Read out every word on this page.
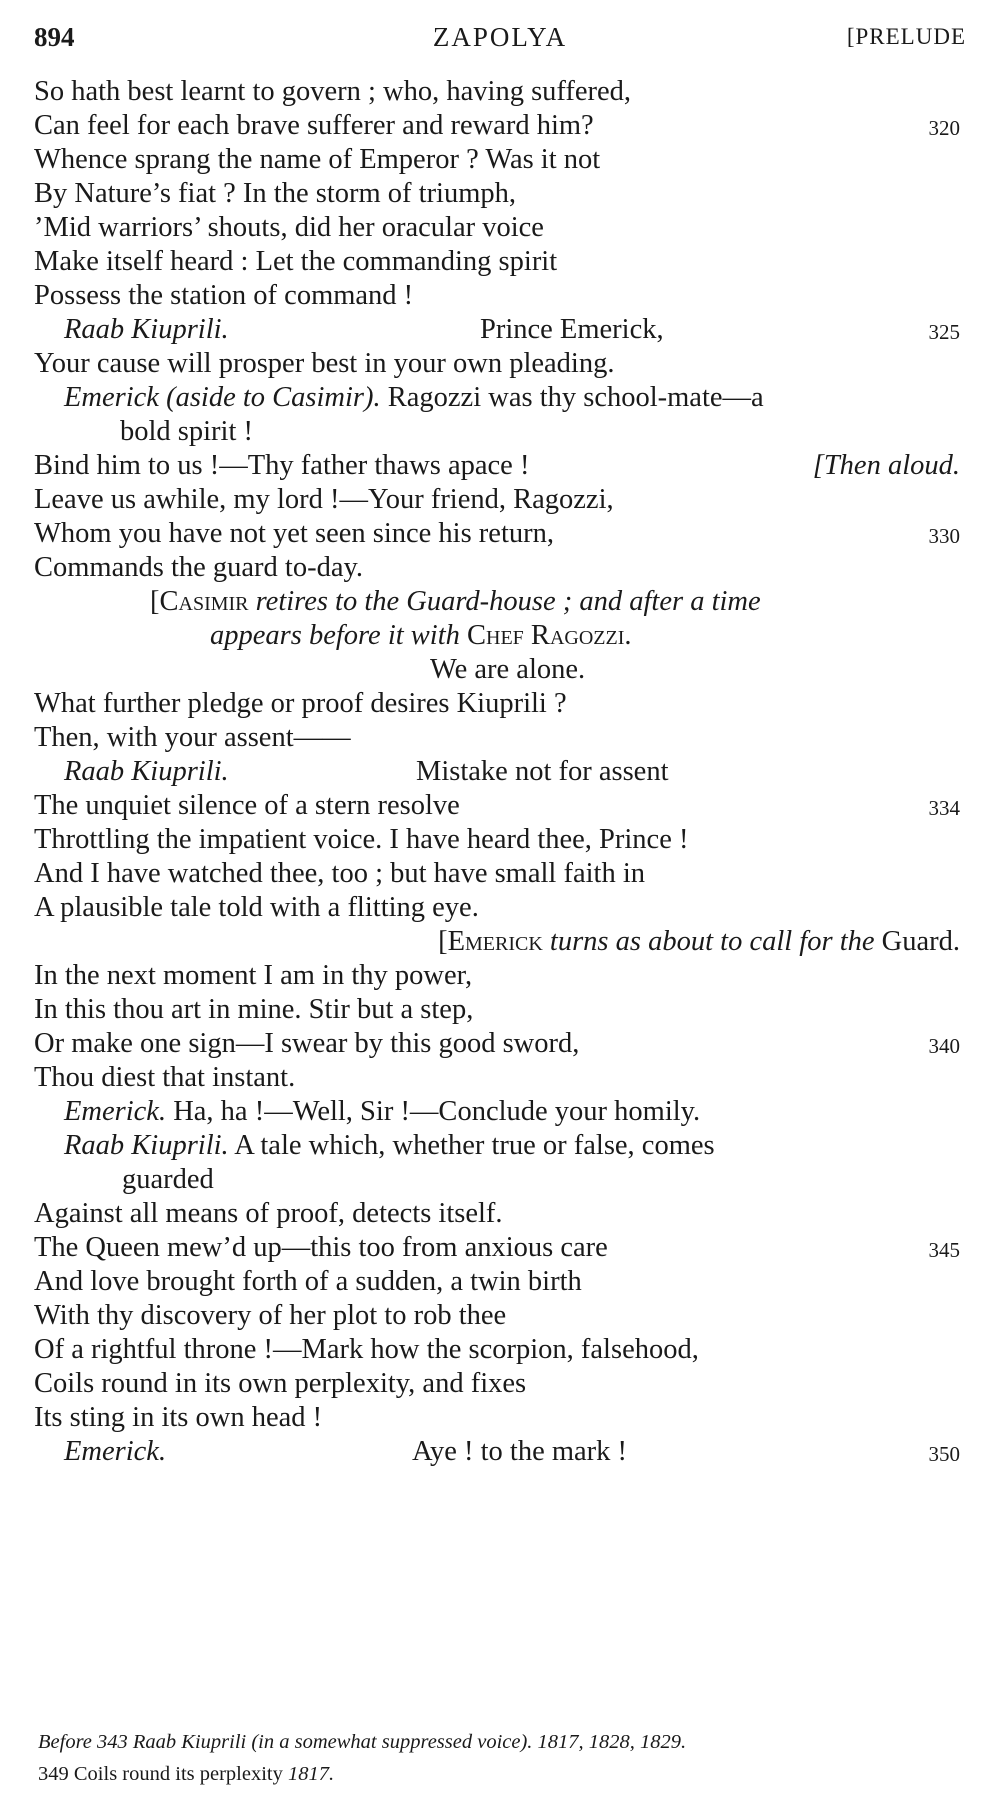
894	ZAPOLYA	[PRELUDE
So hath best learnt to govern ; who, having suffered,
Can feel for each brave sufferer and reward him?	320
Whence sprang the name of Emperor ? Was it not
By Nature’s fiat ? In the storm of triumph,
’Mid warriors’ shouts, did her oracular voice
Make itself heard : Let the commanding spirit
Possess the station of command !
Raab Kiuprili.	Prince Emerick,	325
Your cause will prosper best in your own pleading.
Emerick (aside to Casimir). Ragozzi was thy school-mate—a
bold spirit !
Bind him to us !—Thy father thaws apace !	[Then aloud.
Leave us awhile, my lord !—Your friend, Ragozzi,
Whom you have not yet seen since his return,	330
Commands the guard to-day.
[Casimir retires to the Guard-house ; and after a time
appears before it with Chef Ragozzi.
We are alone.
What further pledge or proof desires Kiuprili ?
Then, with your assent——
Raab Kiuprili.	Mistake not for assent
The unquiet silence of a stern resolve	334
Throttling the impatient voice. I have heard thee, Prince !
And I have watched thee, too ; but have small faith in
A plausible tale told with a flitting eye.
[Emerick turns as about to call for the Guard.
In the next moment I am in thy power,
In this thou art in mine. Stir but a step,
Or make one sign—I swear by this good sword,	340
Thou diest that instant.
Emerick. Ha, ha !—Well, Sir !—Conclude your homily.
Raab Kiuprili. A tale which, whether true or false, comes
guarded
Against all means of proof, detects itself.
The Queen mew’d up—this too from anxious care	345
And love brought forth of a sudden, a twin birth
With thy discovery of her plot to rob thee
Of a rightful throne !—Mark how the scorpion, falsehood,
Coils round in its own perplexity, and fixes
Its sting in its own head !
Emerick.	Aye ! to the mark !	350
Before 343 Raab Kiuprili (in a somewhat suppressed voice). 1817, 1828, 1829.
349 Coils round its perplexity 1817.
